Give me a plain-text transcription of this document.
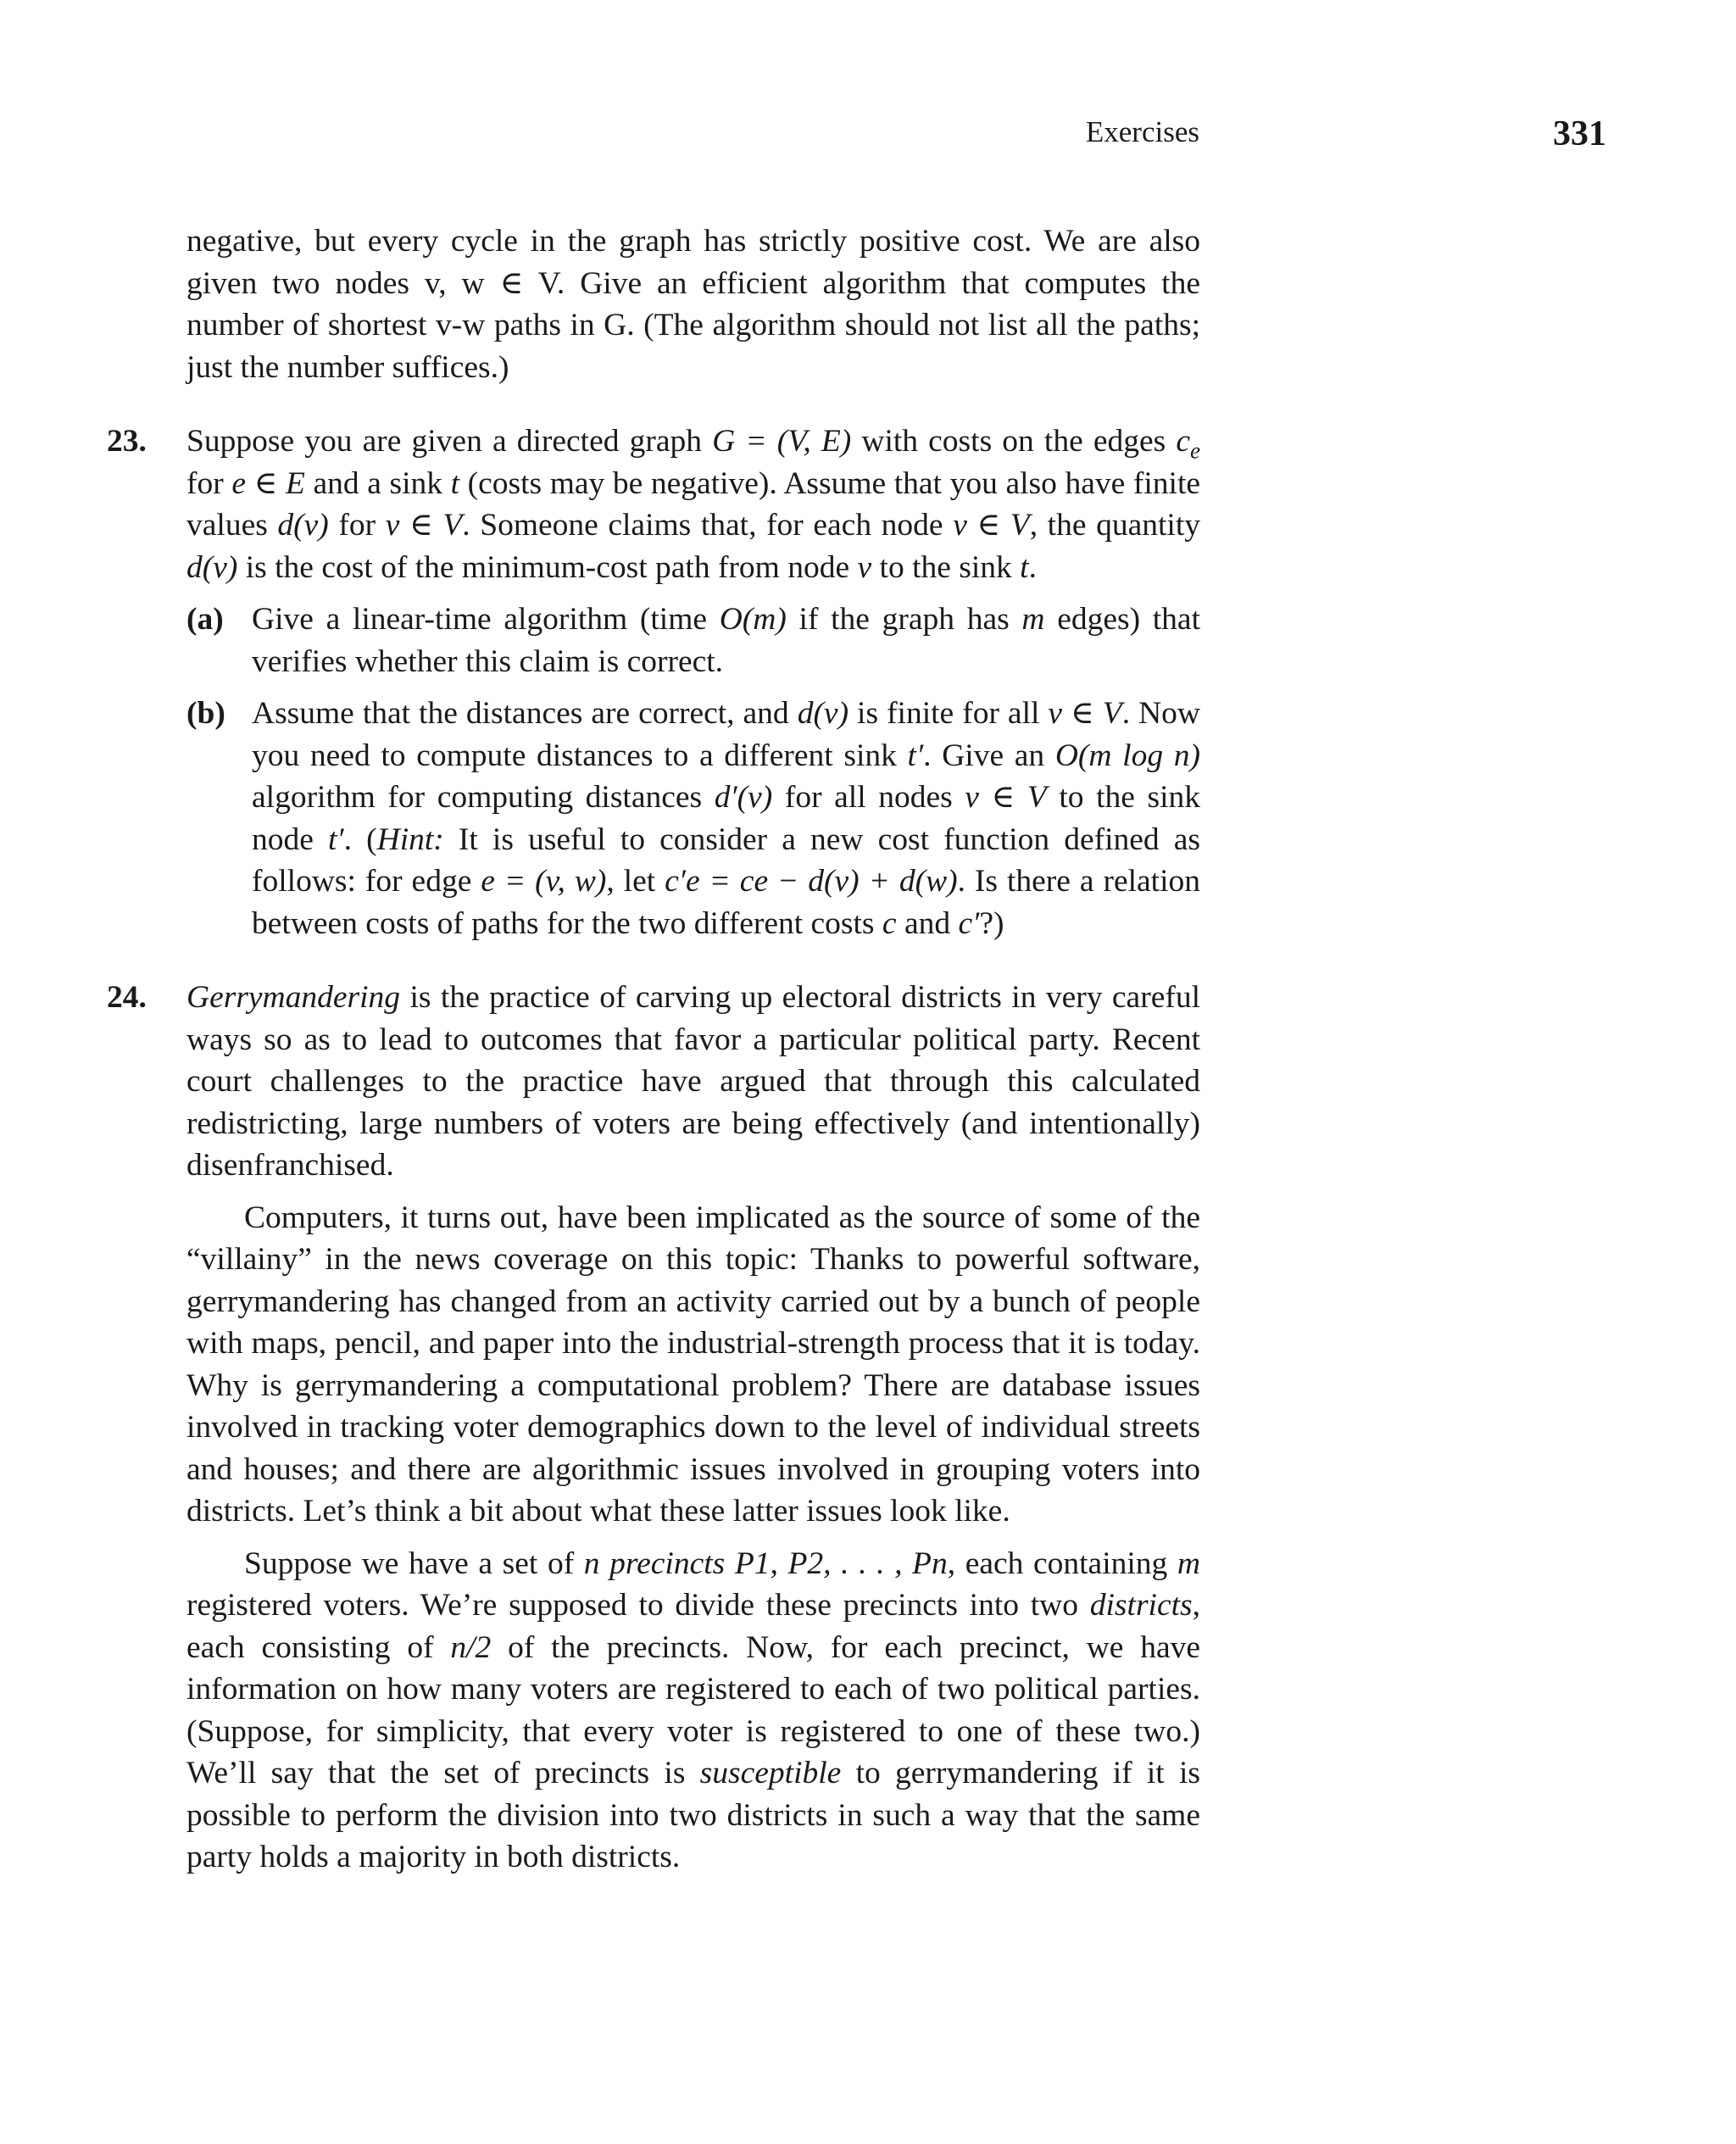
Exercises	331

negative, but every cycle in the graph has strictly positive cost. We are also given two nodes v, w ∈ V. Give an efficient algorithm that computes the number of shortest v-w paths in G. (The algorithm should not list all the paths; just the number suffices.)

23.	Suppose you are given a directed graph G = (V, E) with costs on the edges $c_e$ for e ∈ E and a sink t (costs may be negative). Assume that you also have finite values d(v) for v ∈ V. Someone claims that, for each node v ∈ V, the quantity d(v) is the cost of the minimum-cost path from node v to the sink t.

(a) Give a linear-time algorithm (time O(m) if the graph has m edges) that verifies whether this claim is correct.

(b) Assume that the distances are correct, and d(v) is finite for all v ∈ V. Now you need to compute distances to a different sink t′. Give an O(m log n) algorithm for computing distances d′(v) for all nodes v ∈ V to the sink node t′. (Hint: It is useful to consider a new cost function defined as follows: for edge e = (v, w), let c′e = ce − d(v) + d(w). Is there a relation between costs of paths for the two different costs c and c′?)

24.	Gerrymandering is the practice of carving up electoral districts in very careful ways so as to lead to outcomes that favor a particular political party. Recent court challenges to the practice have argued that through this calculated redistricting, large numbers of voters are being effectively (and intentionally) disenfranchised.

Computers, it turns out, have been implicated as the source of some of the “villainy” in the news coverage on this topic: Thanks to powerful software, gerrymandering has changed from an activity carried out by a bunch of people with maps, pencil, and paper into the industrial-strength process that it is today. Why is gerrymandering a computational problem? There are database issues involved in tracking voter demographics down to the level of individual streets and houses; and there are algorithmic issues involved in grouping voters into districts. Let’s think a bit about what these latter issues look like.

Suppose we have a set of n precincts P1, P2, . . . , Pn, each containing m registered voters. We’re supposed to divide these precincts into two districts, each consisting of n/2 of the precincts. Now, for each precinct, we have information on how many voters are registered to each of two political parties. (Suppose, for simplicity, that every voter is registered to one of these two.) We’ll say that the set of precincts is susceptible to gerrymandering if it is possible to perform the division into two districts in such a way that the same party holds a majority in both districts.
